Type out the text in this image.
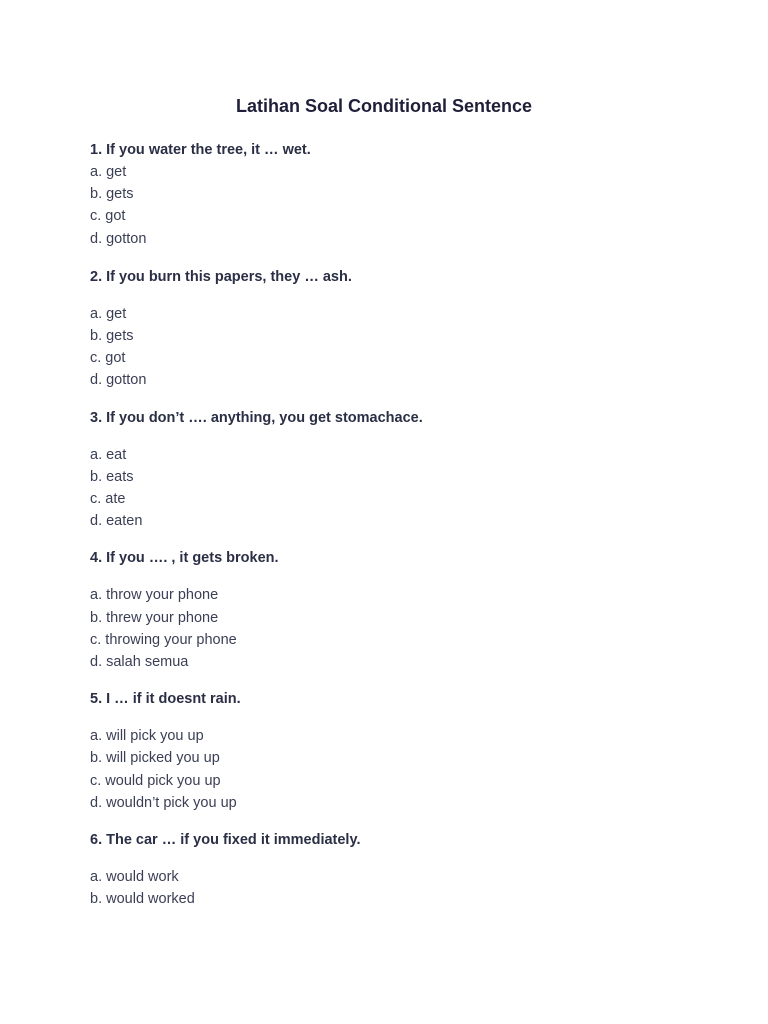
Latihan Soal Conditional Sentence

1. If you water the tree, it … wet.

a. get
b. gets
c. got
d. gotton

2. If you burn this papers, they … ash.

a. get
b. gets
c. got
d. gotton

3. If you don’t …. anything, you get stomachace.

a. eat
b. eats
c. ate
d. eaten

4. If you …. , it gets broken.

a. throw your phone
b. threw your phone
c. throwing your phone
d. salah semua

5. I … if it doesnt rain.

a. will pick you up
b. will picked you up
c. would pick you up
d. wouldn’t pick you up

6. The car … if you fixed it immediately.

a. would work
b. would worked
